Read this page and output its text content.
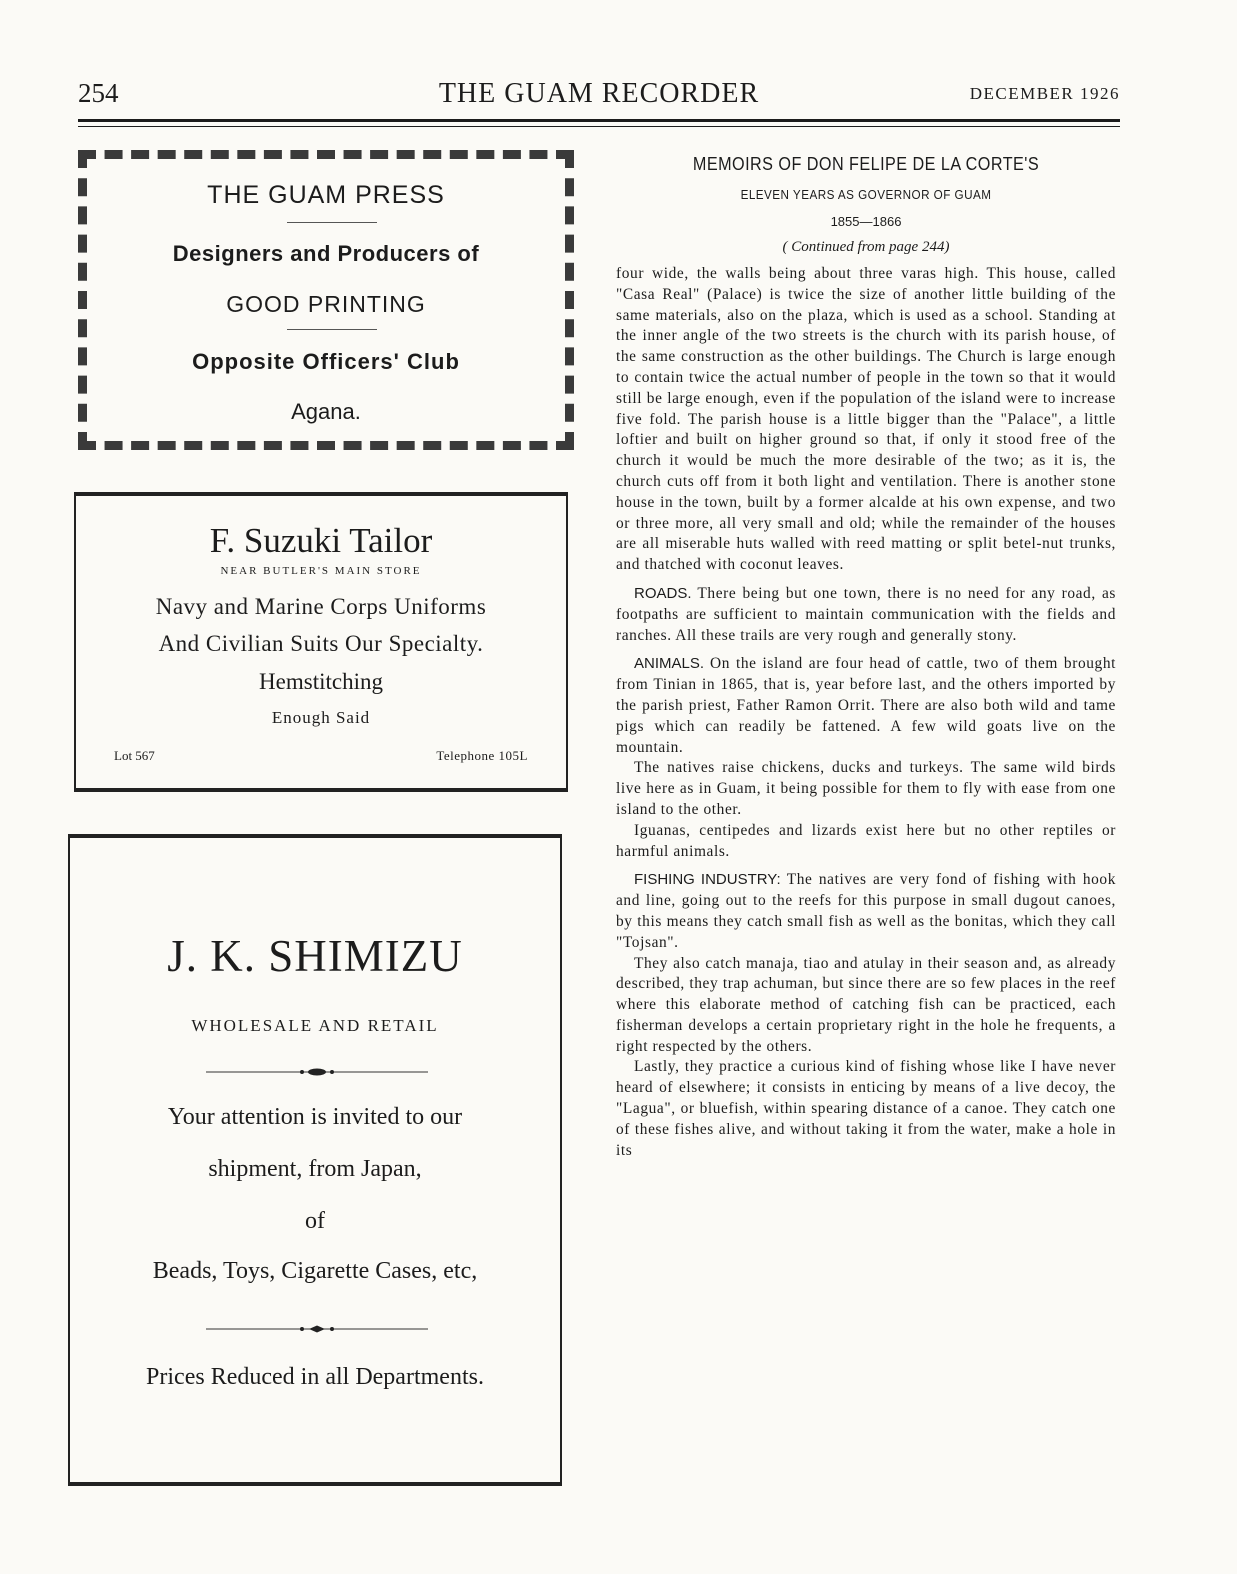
254	THE GUAM RECORDER	DECEMBER 1926
THE GUAM PRESS
Designers and Producers of
GOOD PRINTING
Opposite Officers' Club
Agana.
F. Suzuki Tailor
NEAR BUTLER'S MAIN STORE
Navy and Marine Corps Uniforms
And Civilian Suits Our Specialty.
Hemstitching
Enough Said
Lot 567	Telephone 105L
J. K. SHIMIZU
WHOLESALE AND RETAIL
Your attention is invited to our
shipment, from Japan,
of
Beads, Toys, Cigarette Cases, etc,
Prices Reduced in all Departments.
MEMOIRS OF DON FELIPE DE LA CORTE'S
ELEVEN YEARS AS GOVERNOR OF GUAM
1855—1866
( Continued from page 244)

four wide, the walls being about three varas high. This house, called "Casa Real" (Palace) is twice the size of another little building of the same materials, also on the plaza, which is used as a school. Standing at the inner angle of the two streets is the church with its parish house, of the same construction as the other buildings. The Church is large enough to contain twice the actual number of people in the town so that it would still be large enough, even if the population of the island were to increase five fold. The parish house is a little bigger than the "Palace", a little loftier and built on higher ground so that, if only it stood free of the church it would be much the more desirable of the two; as it is, the church cuts off from it both light and ventilation. There is another stone house in the town, built by a former alcalde at his own expense, and two or three more, all very small and old; while the remainder of the houses are all miserable huts walled with reed matting or split betel-nut trunks, and thatched with coconut leaves.

ROADS. There being but one town, there is no need for any road, as footpaths are sufficient to maintain communication with the fields and ranches. All these trails are very rough and generally stony.

ANIMALS. On the island are four head of cattle, two of them brought from Tinian in 1865, that is, year before last, and the others imported by the parish priest, Father Ramon Orrit. There are also both wild and tame pigs which can readily be fattened. A few wild goats live on the mountain.

The natives raise chickens, ducks and turkeys. The same wild birds live here as in Guam, it being possible for them to fly with ease from one island to the other.

Iguanas, centipedes and lizards exist here but no other reptiles or harmful animals.

FISHING INDUSTRY: The natives are very fond of fishing with hook and line, going out to the reefs for this purpose in small dugout canoes, by this means they catch small fish as well as the bonitas, which they call "Tojsan".

They also catch manaja, tiao and atulay in their season and, as already described, they trap achuman, but since there are so few places in the reef where this elaborate method of catching fish can be practiced, each fisherman develops a certain proprietary right in the hole he frequents, a right respected by the others.

Lastly, they practice a curious kind of fishing whose like I have never heard of elsewhere; it consists in enticing by means of a live decoy, the "Lagua", or bluefish, within spearing distance of a canoe. They catch one of these fishes alive, and without taking it from the water, make a hole in its
